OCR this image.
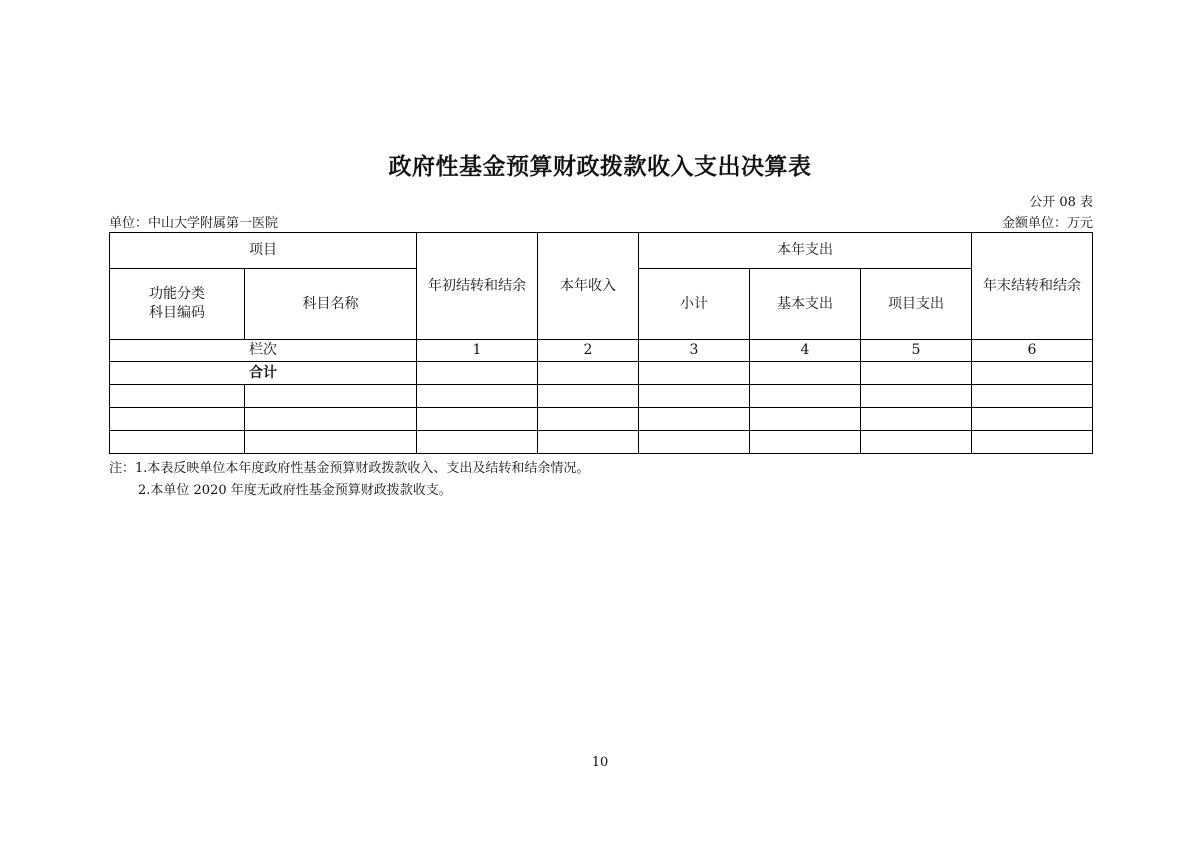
政府性基金预算财政拨款收入支出决算表
公开 08 表
单位：中山大学附属第一医院	金额单位：万元
项目		年初结转和结余	本年收入	本年支出			年末结转和结余

功能分类
科目编码	科目名称			小计	基本支出	项目支出	
栏次		1	2	3	4	5	6
合计							

注：1.本表反映单位本年度政府性基金预算财政拨款收入、支出及结转和结余情况。
2.本单位 2020 年度无政府性基金预算财政拨款收支。
10
